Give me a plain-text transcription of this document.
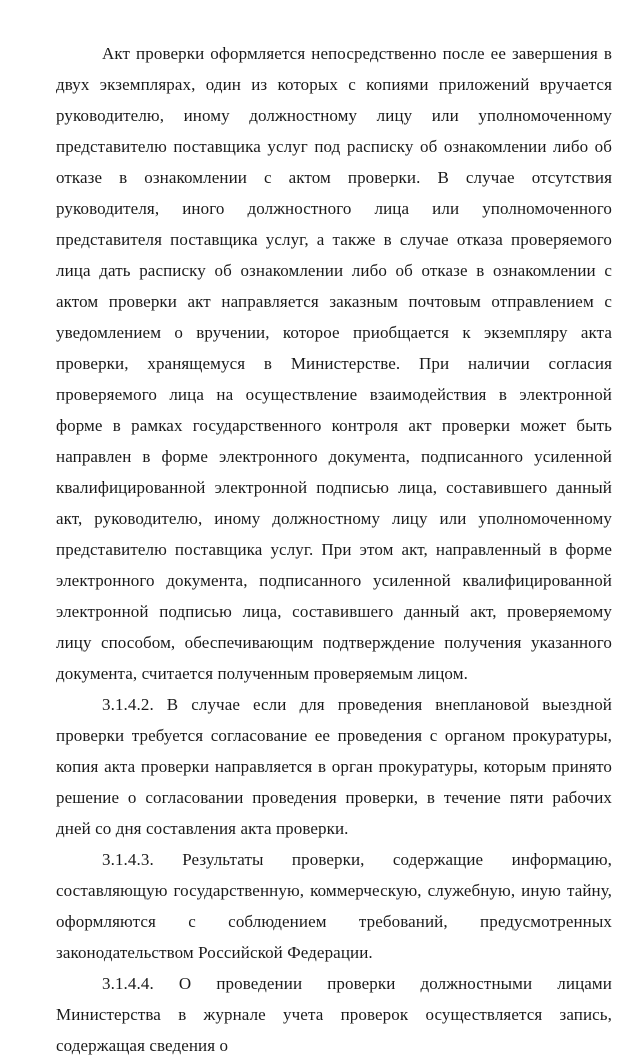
Акт проверки оформляется непосредственно после ее завершения в двух экземплярах, один из которых с копиями приложений вручается руководителю, иному должностному лицу или уполномоченному представителю поставщика услуг под расписку об ознакомлении либо об отказе в ознакомлении с актом проверки. В случае отсутствия руководителя, иного должностного лица или уполномоченного представителя поставщика услуг, а также в случае отказа проверяемого лица дать расписку об ознакомлении либо об отказе в ознакомлении с актом проверки акт направляется заказным почтовым отправлением с уведомлением о вручении, которое приобщается к экземпляру акта проверки, хранящемуся в Министерстве. При наличии согласия проверяемого лица на осуществление взаимодействия в электронной форме в рамках государственного контроля акт проверки может быть направлен в форме электронного документа, подписанного усиленной квалифицированной электронной подписью лица, составившего данный акт, руководителю, иному должностному лицу или уполномоченному представителю поставщика услуг. При этом акт, направленный в форме электронного документа, подписанного усиленной квалифицированной электронной подписью лица, составившего данный акт, проверяемому лицу способом, обеспечивающим подтверждение получения указанного документа, считается полученным проверяемым лицом.

3.1.4.2. В случае если для проведения внеплановой выездной проверки требуется согласование ее проведения с органом прокуратуры, копия акта проверки направляется в орган прокуратуры, которым принято решение о согласовании проведения проверки, в течение пяти рабочих дней со дня составления акта проверки.

3.1.4.3. Результаты проверки, содержащие информацию, составляющую государственную, коммерческую, служебную, иную тайну, оформляются с соблюдением требований, предусмотренных законодательством Российской Федерации.

3.1.4.4. О проведении проверки должностными лицами Министерства в журнале учета проверок осуществляется запись, содержащая сведения о
